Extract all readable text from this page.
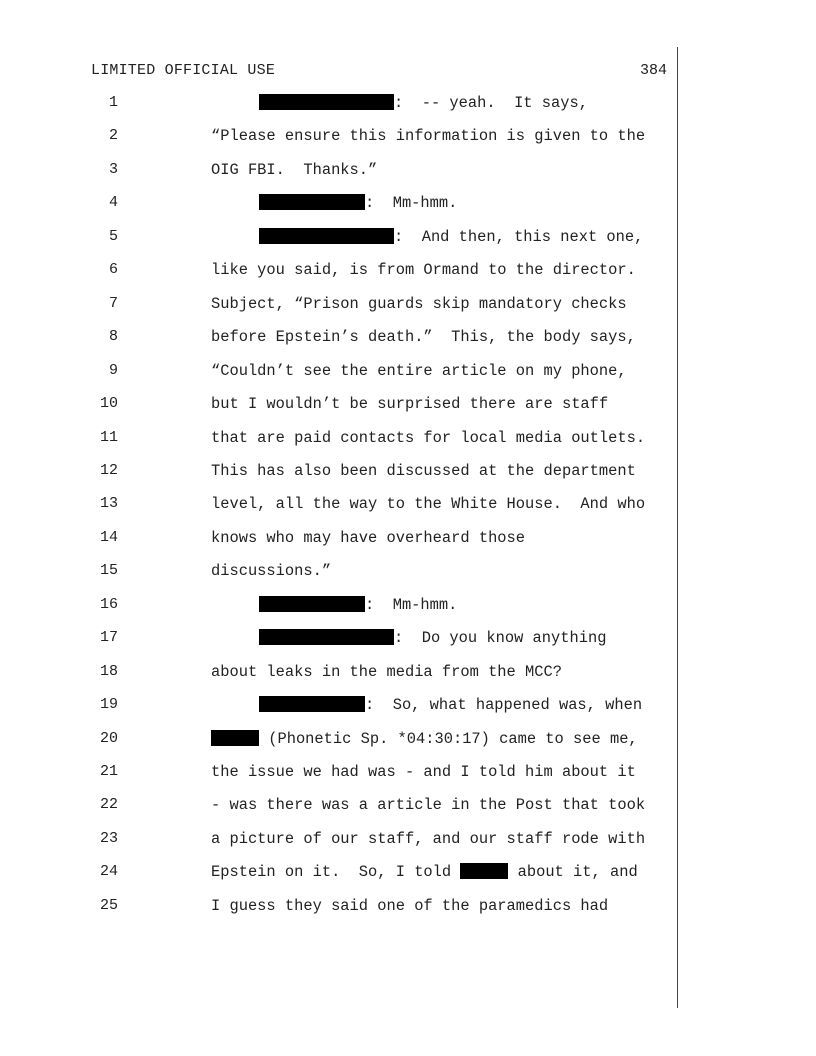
LIMITED OFFICIAL USE	384
1	:  -- yeah.  It says,
2	“Please ensure this information is given to the
3	OIG FBI.  Thanks.”
4	:  Mm-hmm.
5	:  And then, this next one,
6	like you said, is from Ormand to the director.
7	Subject, “Prison guards skip mandatory checks
8	before Epstein’s death.”  This, the body says,
9	“Couldn’t see the entire article on my phone,
10	but I wouldn’t be surprised there are staff
11	that are paid contacts for local media outlets.
12	This has also been discussed at the department
13	level, all the way to the White House.  And who
14	knows who may have overheard those
15	discussions.”
16	:  Mm-hmm.
17	:  Do you know anything
18	about leaks in the media from the MCC?
19	:  So, what happened was, when
20	(Phonetic Sp. *04:30:17) came to see me,
21	the issue we had was - and I told him about it
22	- was there was a article in the Post that took
23	a picture of our staff, and our staff rode with
24	Epstein on it.  So, I told	about it, and
25	I guess they said one of the paramedics had
